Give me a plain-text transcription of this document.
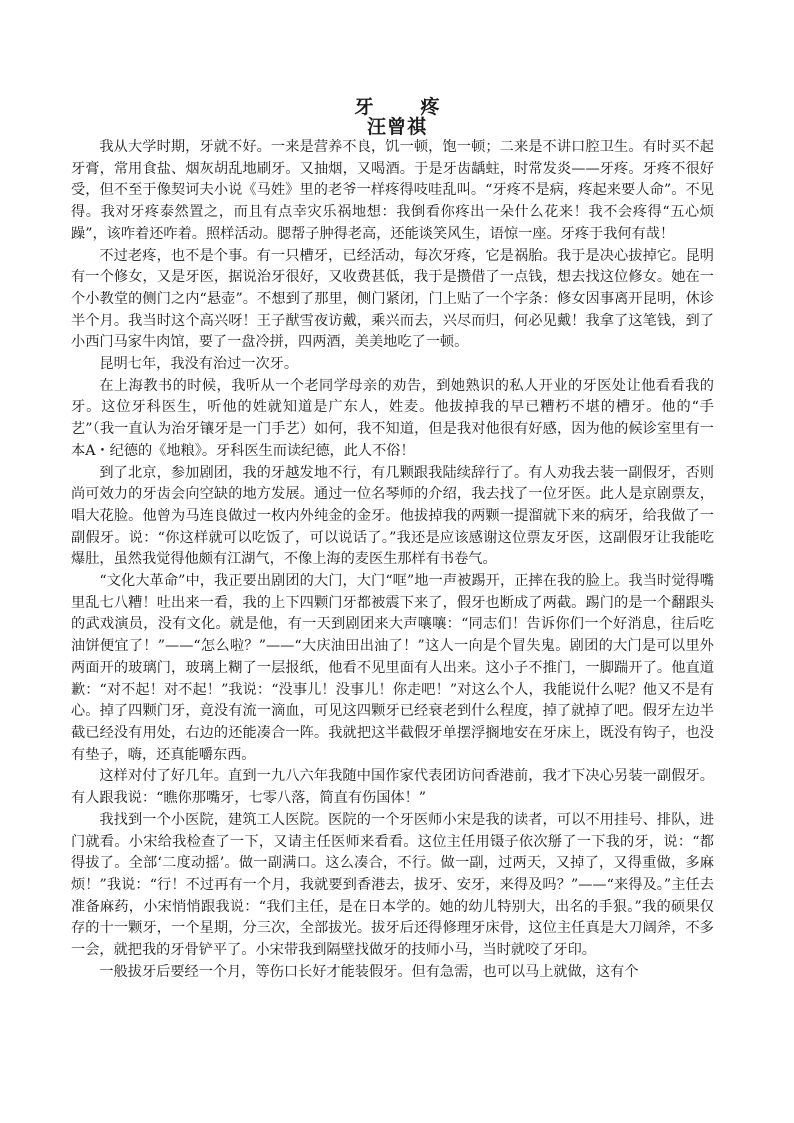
牙　疼
汪曾祺

我从大学时期，牙就不好。一来是营养不良，饥一顿，饱一顿；二来是不讲口腔卫生。有时买不起牙膏，常用食盐、烟灰胡乱地刷牙。又抽烟，又喝酒。于是牙齿龋蛀，时常发炎——牙疼。牙疼不很好受，但不至于像契诃夫小说《马姓》里的老爷一样疼得吱哇乱叫。“牙疼不是病，疼起来要人命”。不见得。我对牙疼泰然置之，而且有点幸灾乐祸地想：我倒看你疼出一朵什么花来！我不会疼得“五心烦躁”，该咋着还咋着。照样活动。腮帮子肿得老高，还能谈笑风生，语惊一座。牙疼于我何有哉！

不过老疼，也不是个事。有一只槽牙，已经活动，每次牙疼，它是祸胎。我于是决心拔掉它。昆明有一个修女，又是牙医，据说治牙很好，又收费甚低，我于是攒借了一点钱，想去找这位修女。她在一个小教堂的侧门之内“悬壶”。不想到了那里，侧门紧闭，门上贴了一个字条：修女因事离开昆明，休诊半个月。我当时这个高兴呀！王子猷雪夜访戴，乘兴而去，兴尽而归，何必见戴！我拿了这笔钱，到了小西门马家牛肉馆，要了一盘冷拼，四两酒，美美地吃了一顿。

昆明七年，我没有治过一次牙。

在上海教书的时候，我听从一个老同学母亲的劝告，到她熟识的私人开业的牙医处让他看看我的牙。这位牙科医生，听他的姓就知道是广东人，姓麦。他拔掉我的早已糟朽不堪的槽牙。他的“手艺”（我一直认为治牙镶牙是一门手艺）如何，我不知道，但是我对他很有好感，因为他的候诊室里有一本A・纪德的《地粮》。牙科医生而读纪德，此人不俗！

到了北京，参加剧团，我的牙越发地不行，有几颗跟我陆续辞行了。有人劝我去装一副假牙，否则尚可效力的牙齿会向空缺的地方发展。通过一位名琴师的介绍，我去找了一位牙医。此人是京剧票友，唱大花脸。他曾为马连良做过一枚内外纯金的金牙。他拔掉我的两颗一提溜就下来的病牙，给我做了一副假牙。说：“你这样就可以吃饭了，可以说话了。”我还是应该感谢这位票友牙医，这副假牙让我能吃爆肚，虽然我觉得他颇有江湖气，不像上海的麦医生那样有书卷气。

“文化大革命”中，我正要出剧团的大门，大门“哐”地一声被踢开，正摔在我的脸上。我当时觉得嘴里乱七八糟！吐出来一看，我的上下四颗门牙都被震下来了，假牙也断成了两截。踢门的是一个翻跟头的武戏演员，没有文化。就是他，有一天到剧团来大声嚷嚷：“同志们！告诉你们一个好消息，往后吃油饼便宜了！”——“怎么啦？”——“大庆油田出油了！”这人一向是个冒失鬼。剧团的大门是可以里外两面开的玻璃门，玻璃上糊了一层报纸，他看不见里面有人出来。这小子不推门，一脚踹开了。他直道歉：“对不起！对不起！”我说：“没事儿！没事儿！你走吧！”对这么个人，我能说什么呢？他又不是有心。掉了四颗门牙，竟没有流一滴血，可见这四颗牙已经衰老到什么程度，掉了就掉了吧。假牙左边半截已经没有用处，右边的还能凑合一阵。我就把这半截假牙单摆浮搁地安在牙床上，既没有钩子，也没有垫子，嗨，还真能嚼东西。

这样对付了好几年。直到一九八六年我随中国作家代表团访问香港前，我才下决心另装一副假牙。有人跟我说：“瞧你那嘴牙，七零八落，简直有伤国体！”

我找到一个小医院，建筑工人医院。医院的一个牙医师小宋是我的读者，可以不用挂号、排队，进门就看。小宋给我检查了一下，又请主任医师来看看。这位主任用镊子依次掰了一下我的牙，说：“都得拔了。全部‘二度动摇’。做一副满口。这么凑合，不行。做一副，过两天，又掉了，又得重做，多麻烦！”我说：“行！不过再有一个月，我就要到香港去，拔牙、安牙，来得及吗？”——“来得及。”主任去准备麻药，小宋悄悄跟我说：“我们主任，是在日本学的。她的幼儿特别大，出名的手狠。”我的硕果仅存的十一颗牙，一个星期，分三次，全部拔光。拔牙后还得修理牙床骨，这位主任真是大刀阔斧，不多一会，就把我的牙骨铲平了。小宋带我到隔壁找做牙的技师小马，当时就咬了牙印。

一般拔牙后要经一个月，等伤口长好才能装假牙。但有急需，也可以马上就做，这有个
